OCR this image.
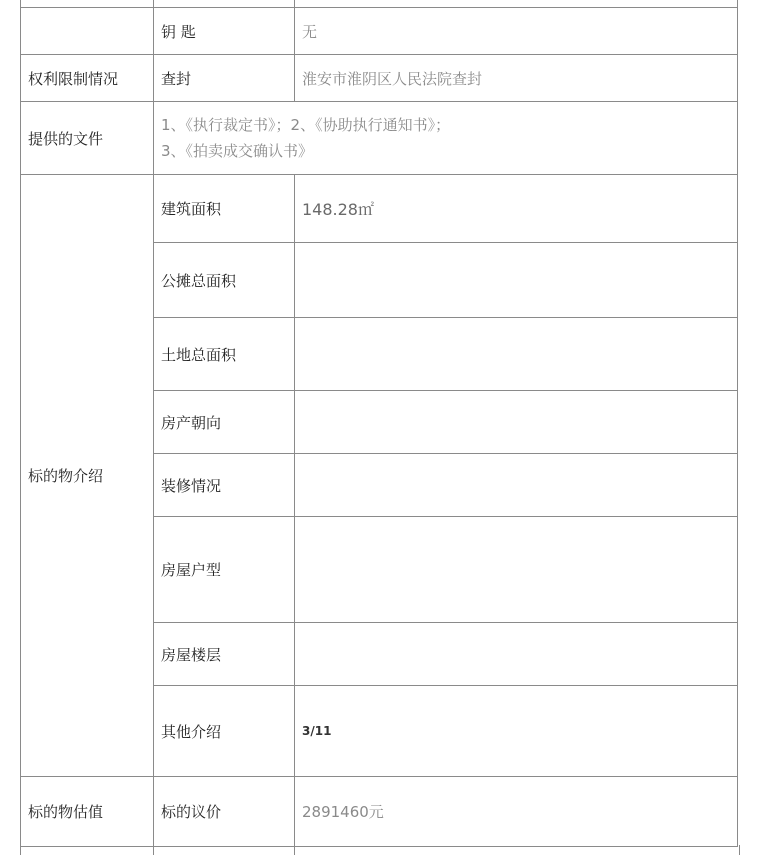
	钥 匙	无
权利限制情况	查封	淮安市淮阴区人民法院查封
提供的文件	1、《执行裁定书》；2、《协助执行通知书》；
3、《拍卖成交确认书》	

标的物介绍	建筑面积	148.28㎡
	公摊总面积	
	土地总面积	
	房产朝向	
	装修情况	
	房屋户型	
	房屋楼层	
	其他介绍	3/11
标的物估值	标的议价	2891460元
